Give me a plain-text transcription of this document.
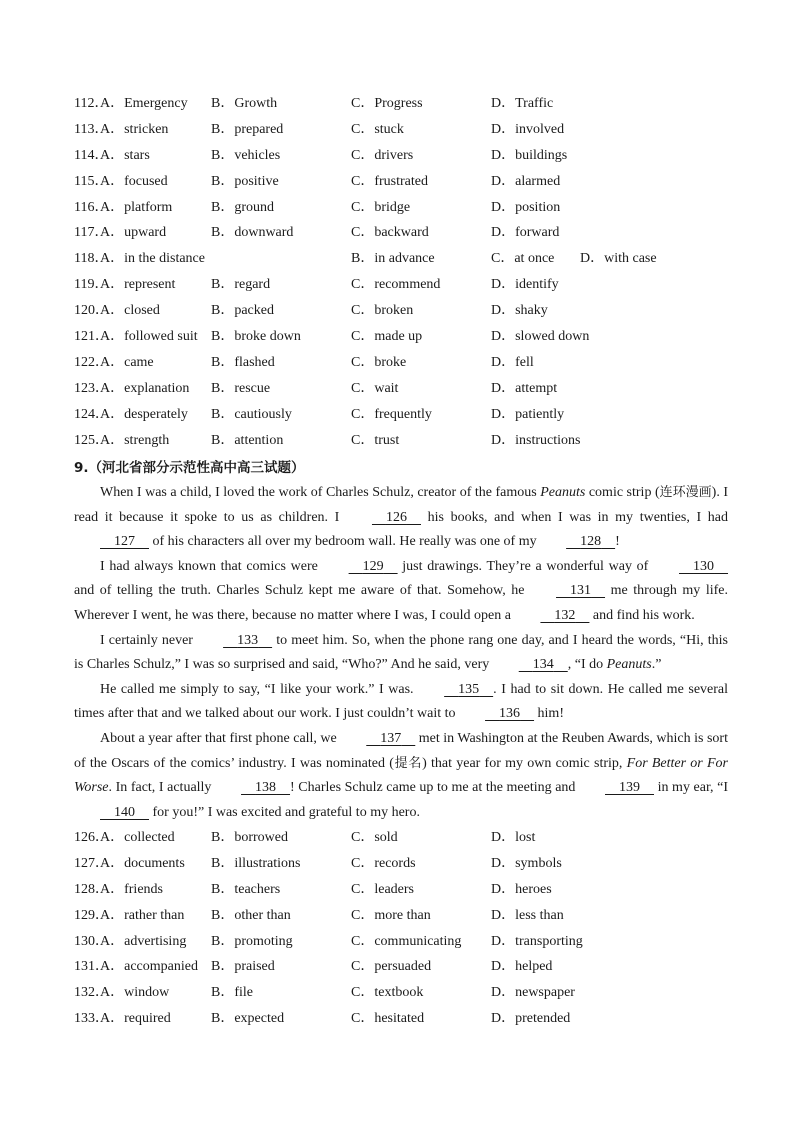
112．
A．Emergency B．Growth	C．Progress	D．Traffic
113．
A．stricken	B．prepared	C．stuck	D．involved
114．
A．stars	B．vehicles	C．drivers	D．buildings
115．
A．focused	B．positive	C．frustrated	D．alarmed
116．
A．platform	B．ground	C．bridge	D．position
117．
A．upward	B．downward	C．backward	D．forward
118．
A．in the distance	B．in advance	C．at once D．with case
119．
A．represent	B．regard	C．recommend	D．identify
120．
A．closed	B．packed	C．broken	D．shaky
121．
A．followed suit B．broke down	C．made up	D．slowed down
122．
A．came	B．flashed	C．broke	D．fell
123．
A．explanation B．rescue	C．wait	D．attempt
124．
A．desperately B．cautiously	C．frequently	D．patiently
125．
A．strength	B．attention	C．trust	D．instructions
9.（河北省部分示范性高中高三试题）

When I was a child, I loved the work of Charles Schulz, creator of the famous Peanuts comic strip (连环漫画). I read it because it spoke to us as children. I	126 his books, and when I was in my twenties, I had 127 of his characters all over my bedroom wall. He really was one of my	128 !

I had always known that comics were	129 just drawings. They’re a wonderful way of	130 and of telling the truth. Charles Schulz kept me aware of that. Somehow, he	131 me through my life. Wherever I went, he was there, because no matter where I was, I could open a	132 and find his work.

I certainly never	133 to meet him. So, when the phone rang one day, and I heard the words, “Hi, this is Charles Schulz,” I was so surprised and said, “Who?” And he said, very	134 , “I do Peanuts.”

He called me simply to say, “I like your work.” I was.	135 . I had to sit down. He called me several times after that and we talked about our work. I just couldn’t wait to	136 him!

About a year after that first phone call, we	137 met in Washington at the Reuben Awards, which is sort of the Oscars of the comics’ industry. I was nominated (提名) that year for my own comic strip, For Better or For Worse. In fact, I actually	138 ! Charles Schulz came up to me at the meeting and	139 in my ear, “I 140 for you!” I was excited and grateful to my hero.

126．
A．collected	B．borrowed	C．sold	D．lost
127．
A．documents B．illustrations	C．records	D．symbols
128．
A．friends	B．teachers	C．leaders	D．heroes
129．
A．rather than B．other than	C．more than	D．less than
130．
A．advertising B．promoting	C．communicating D．transporting
131．
A．accompanied B．praised	C．persuaded	D．helped
132．
A．window	B．file	C．textbook	D．newspaper
133．
A．required	B．expected	C．hesitated	D．pretended
